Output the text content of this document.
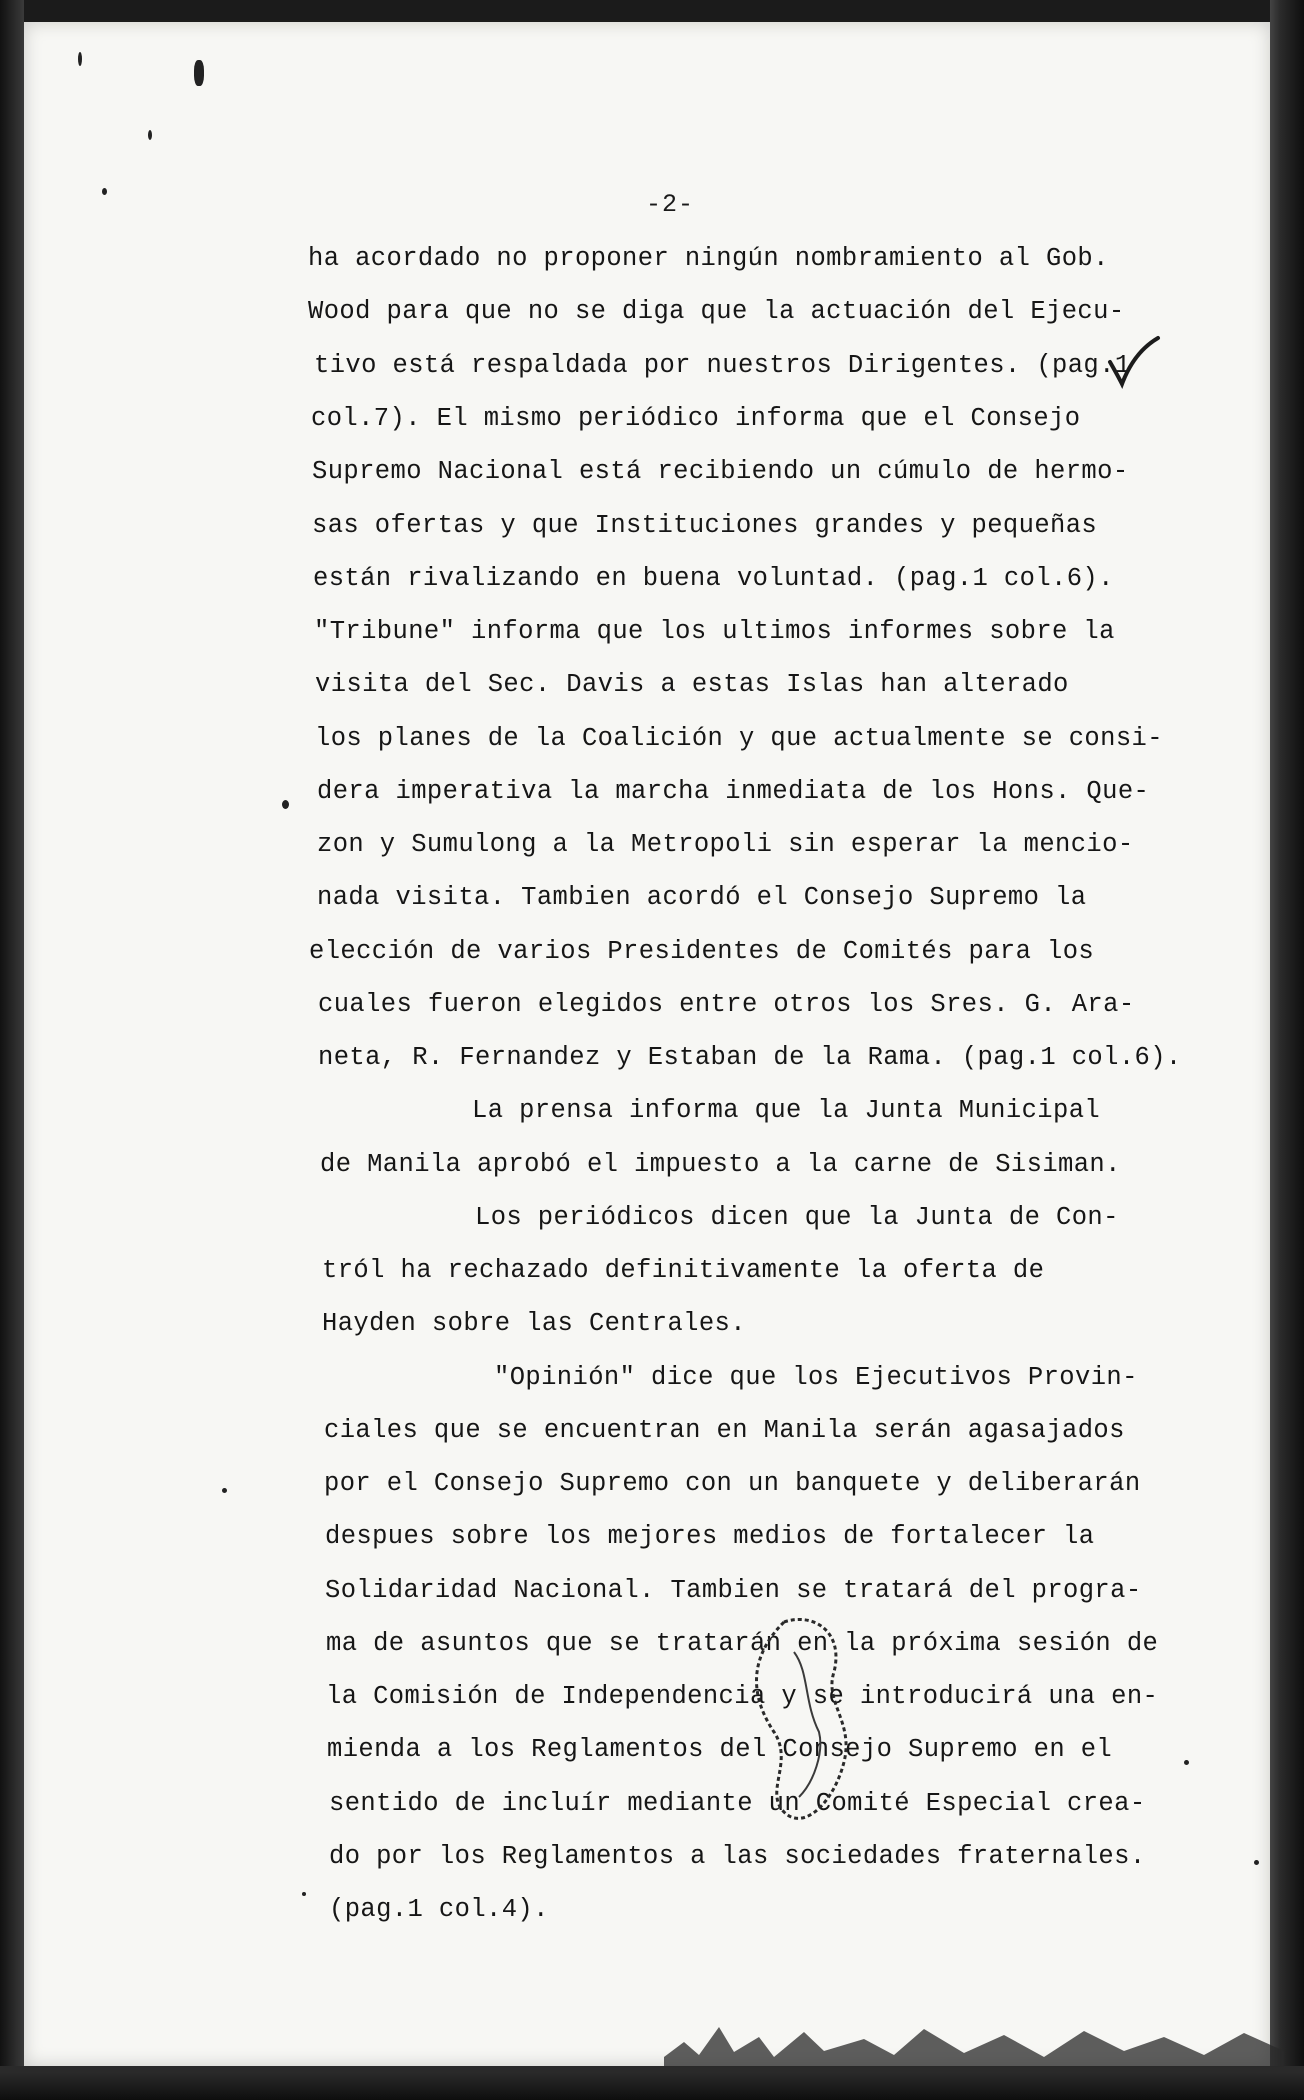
-2-
ha acordado no proponer ningún nombramiento al Gob.
Wood para que no se diga que la actuación del Ejecu-
tivo está respaldada por nuestros Dirigentes. (pag.1
col.7). El mismo periódico informa que el Consejo
Supremo Nacional está recibiendo un cúmulo de hermo-
sas ofertas y que Instituciones grandes y pequeñas
están rivalizando en buena voluntad. (pag.1 col.6).
"Tribune" informa que los ultimos informes sobre la
visita del Sec. Davis a estas Islas han alterado
los planes de la Coalición y que actualmente se consi-
dera imperativa la marcha inmediata de los Hons. Que-
zon y Sumulong a la Metropoli sin esperar la mencio-
nada visita. Tambien acordó el Consejo Supremo la
elección de varios Presidentes de Comités para los
cuales fueron elegidos entre otros los Sres. G. Ara-
neta, R. Fernandez y Estaban de la Rama. (pag.1 col.6).
La prensa informa que la Junta Municipal
de Manila aprobó el impuesto a la carne de Sisiman.
Los periódicos dicen que la Junta de Con-
tról ha rechazado definitivamente la oferta de
Hayden sobre las Centrales.
"Opinión" dice que los Ejecutivos Provin-
ciales que se encuentran en Manila serán agasajados
por el Consejo Supremo con un banquete y deliberarán
despues sobre los mejores medios de fortalecer la
Solidaridad Nacional. Tambien se tratará del progra-
ma de asuntos que se tratarán en la próxima sesión de
la Comisión de Independencia y se introducirá una en-
mienda a los Reglamentos del Consejo Supremo en el
sentido de incluír mediante un Comité Especial crea-
do por los Reglamentos a las sociedades fraternales.
(pag.1 col.4).
